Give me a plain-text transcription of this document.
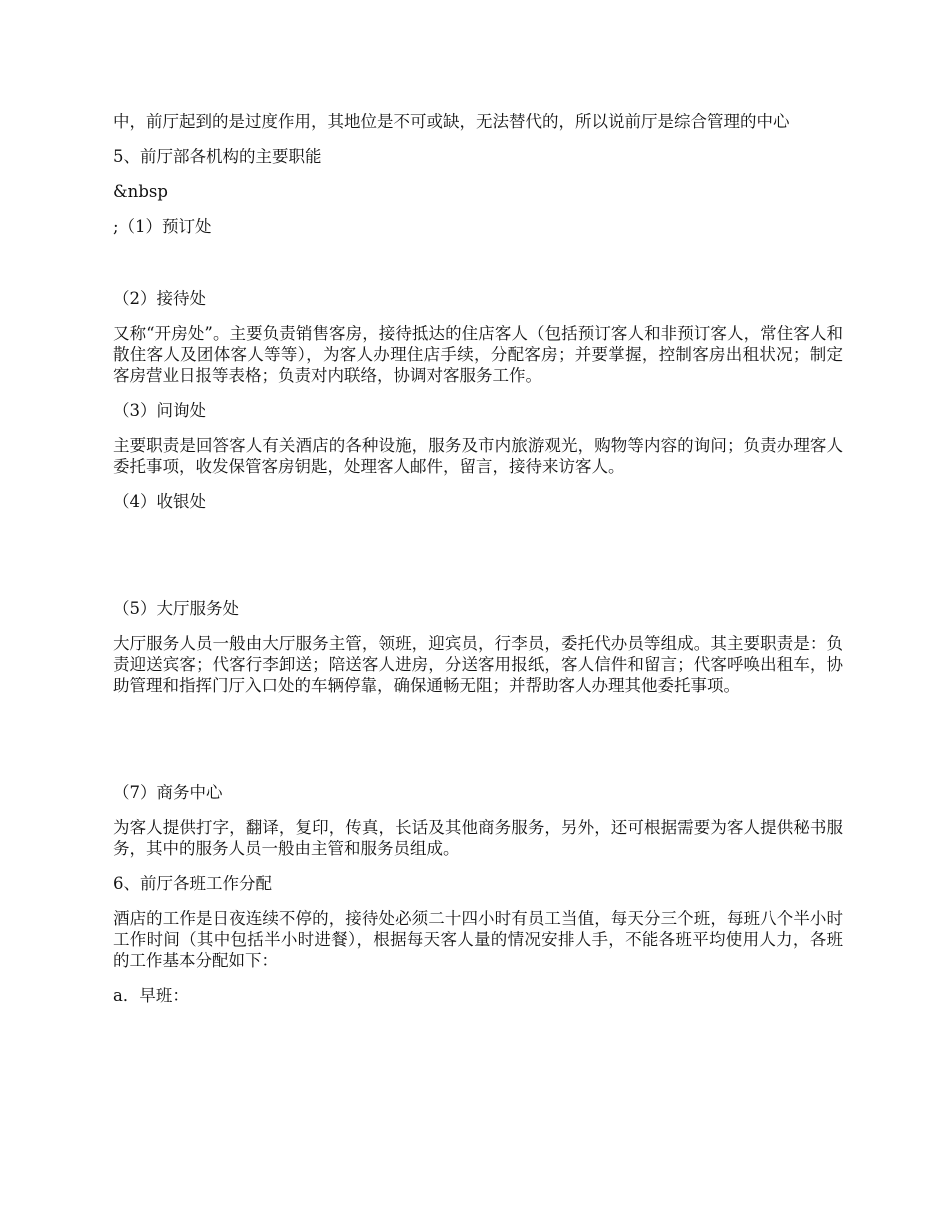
中，前厅起到的是过度作用，其地位是不可或缺，无法替代的，所以说前厅是综合管理的中心

5、前厅部各机构的主要职能

&nbsp

;（1）预订处

（2）接待处

又称“开房处”。主要负责销售客房，接待抵达的住店客人（包括预订客人和非预订客人，常住客人和散住客人及团体客人等等），为客人办理住店手续，分配客房；并要掌握，控制客房出租状况；制定客房营业日报等表格；负责对内联络，协调对客服务工作。

（3）问询处

主要职责是回答客人有关酒店的各种设施，服务及市内旅游观光，购物等内容的询问；负责办理客人委托事项，收发保管客房钥匙，处理客人邮件，留言，接待来访客人。

（4）收银处

（5）大厅服务处

大厅服务人员一般由大厅服务主管，领班，迎宾员，行李员，委托代办员等组成。其主要职责是：负责迎送宾客；代客行李卸送；陪送客人进房，分送客用报纸，客人信件和留言；代客呼唤出租车，协助管理和指挥门厅入口处的车辆停靠，确保通畅无阻；并帮助客人办理其他委托事项。

（7）商务中心

为客人提供打字，翻译，复印，传真，长话及其他商务服务，另外，还可根据需要为客人提供秘书服务，其中的服务人员一般由主管和服务员组成。

6、前厅各班工作分配

酒店的工作是日夜连续不停的，接待处必须二十四小时有员工当值，每天分三个班，每班八个半小时工作时间（其中包括半小时进餐），根据每天客人量的情况安排人手，不能各班平均使用人力，各班的工作基本分配如下：

a．早班：
